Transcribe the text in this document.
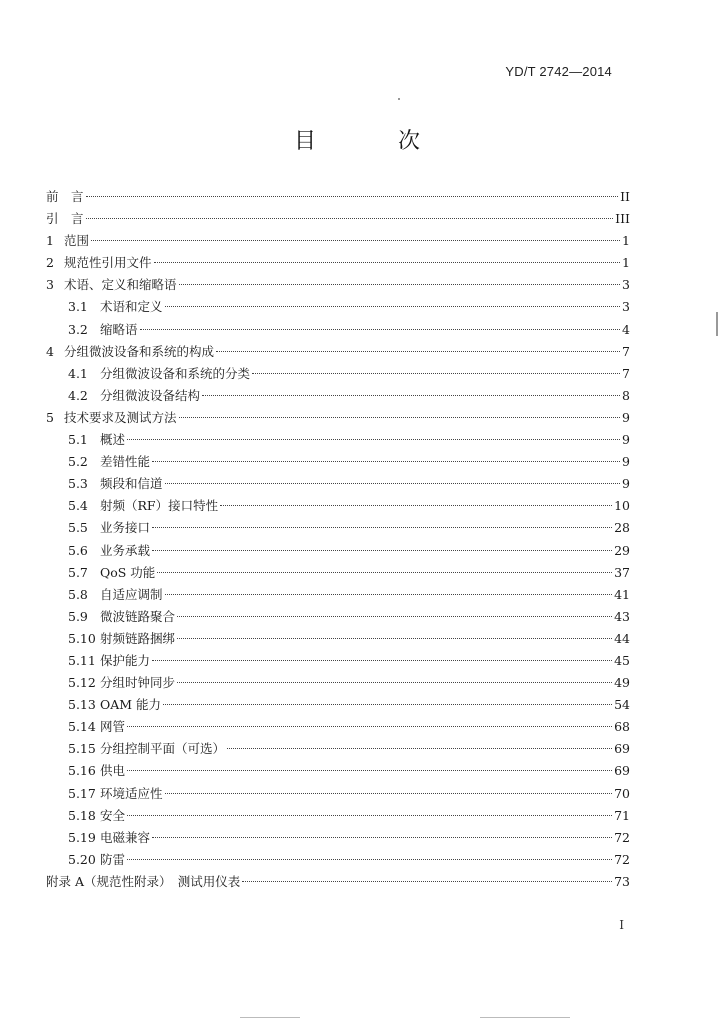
YD/T 2742—2014
目　次
前　言	II
引　言	III
1 范围	1
2 规范性引用文件	1
3 术语、定义和缩略语	3
3.1 术语和定义	3
3.2 缩略语	4
4 分组微波设备和系统的构成	7
4.1 分组微波设备和系统的分类	7
4.2 分组微波设备结构	8
5 技术要求及测试方法	9
5.1 概述	9
5.2 差错性能	9
5.3 频段和信道	9
5.4 射频（RF）接口特性	10
5.5 业务接口	28
5.6 业务承载	29
5.7 QoS 功能	37
5.8 自适应调制	41
5.9 微波链路聚合	43
5.10 射频链路捆绑	44
5.11 保护能力	45
5.12 分组时钟同步	49
5.13 OAM 能力	54
5.14 网管	68
5.15 分组控制平面（可选）	69
5.16 供电	69
5.17 环境适应性	70
5.18 安全	71
5.19 电磁兼容	72
5.20 防雷	72
附录 A（规范性附录）　测试用仪表	73
I
